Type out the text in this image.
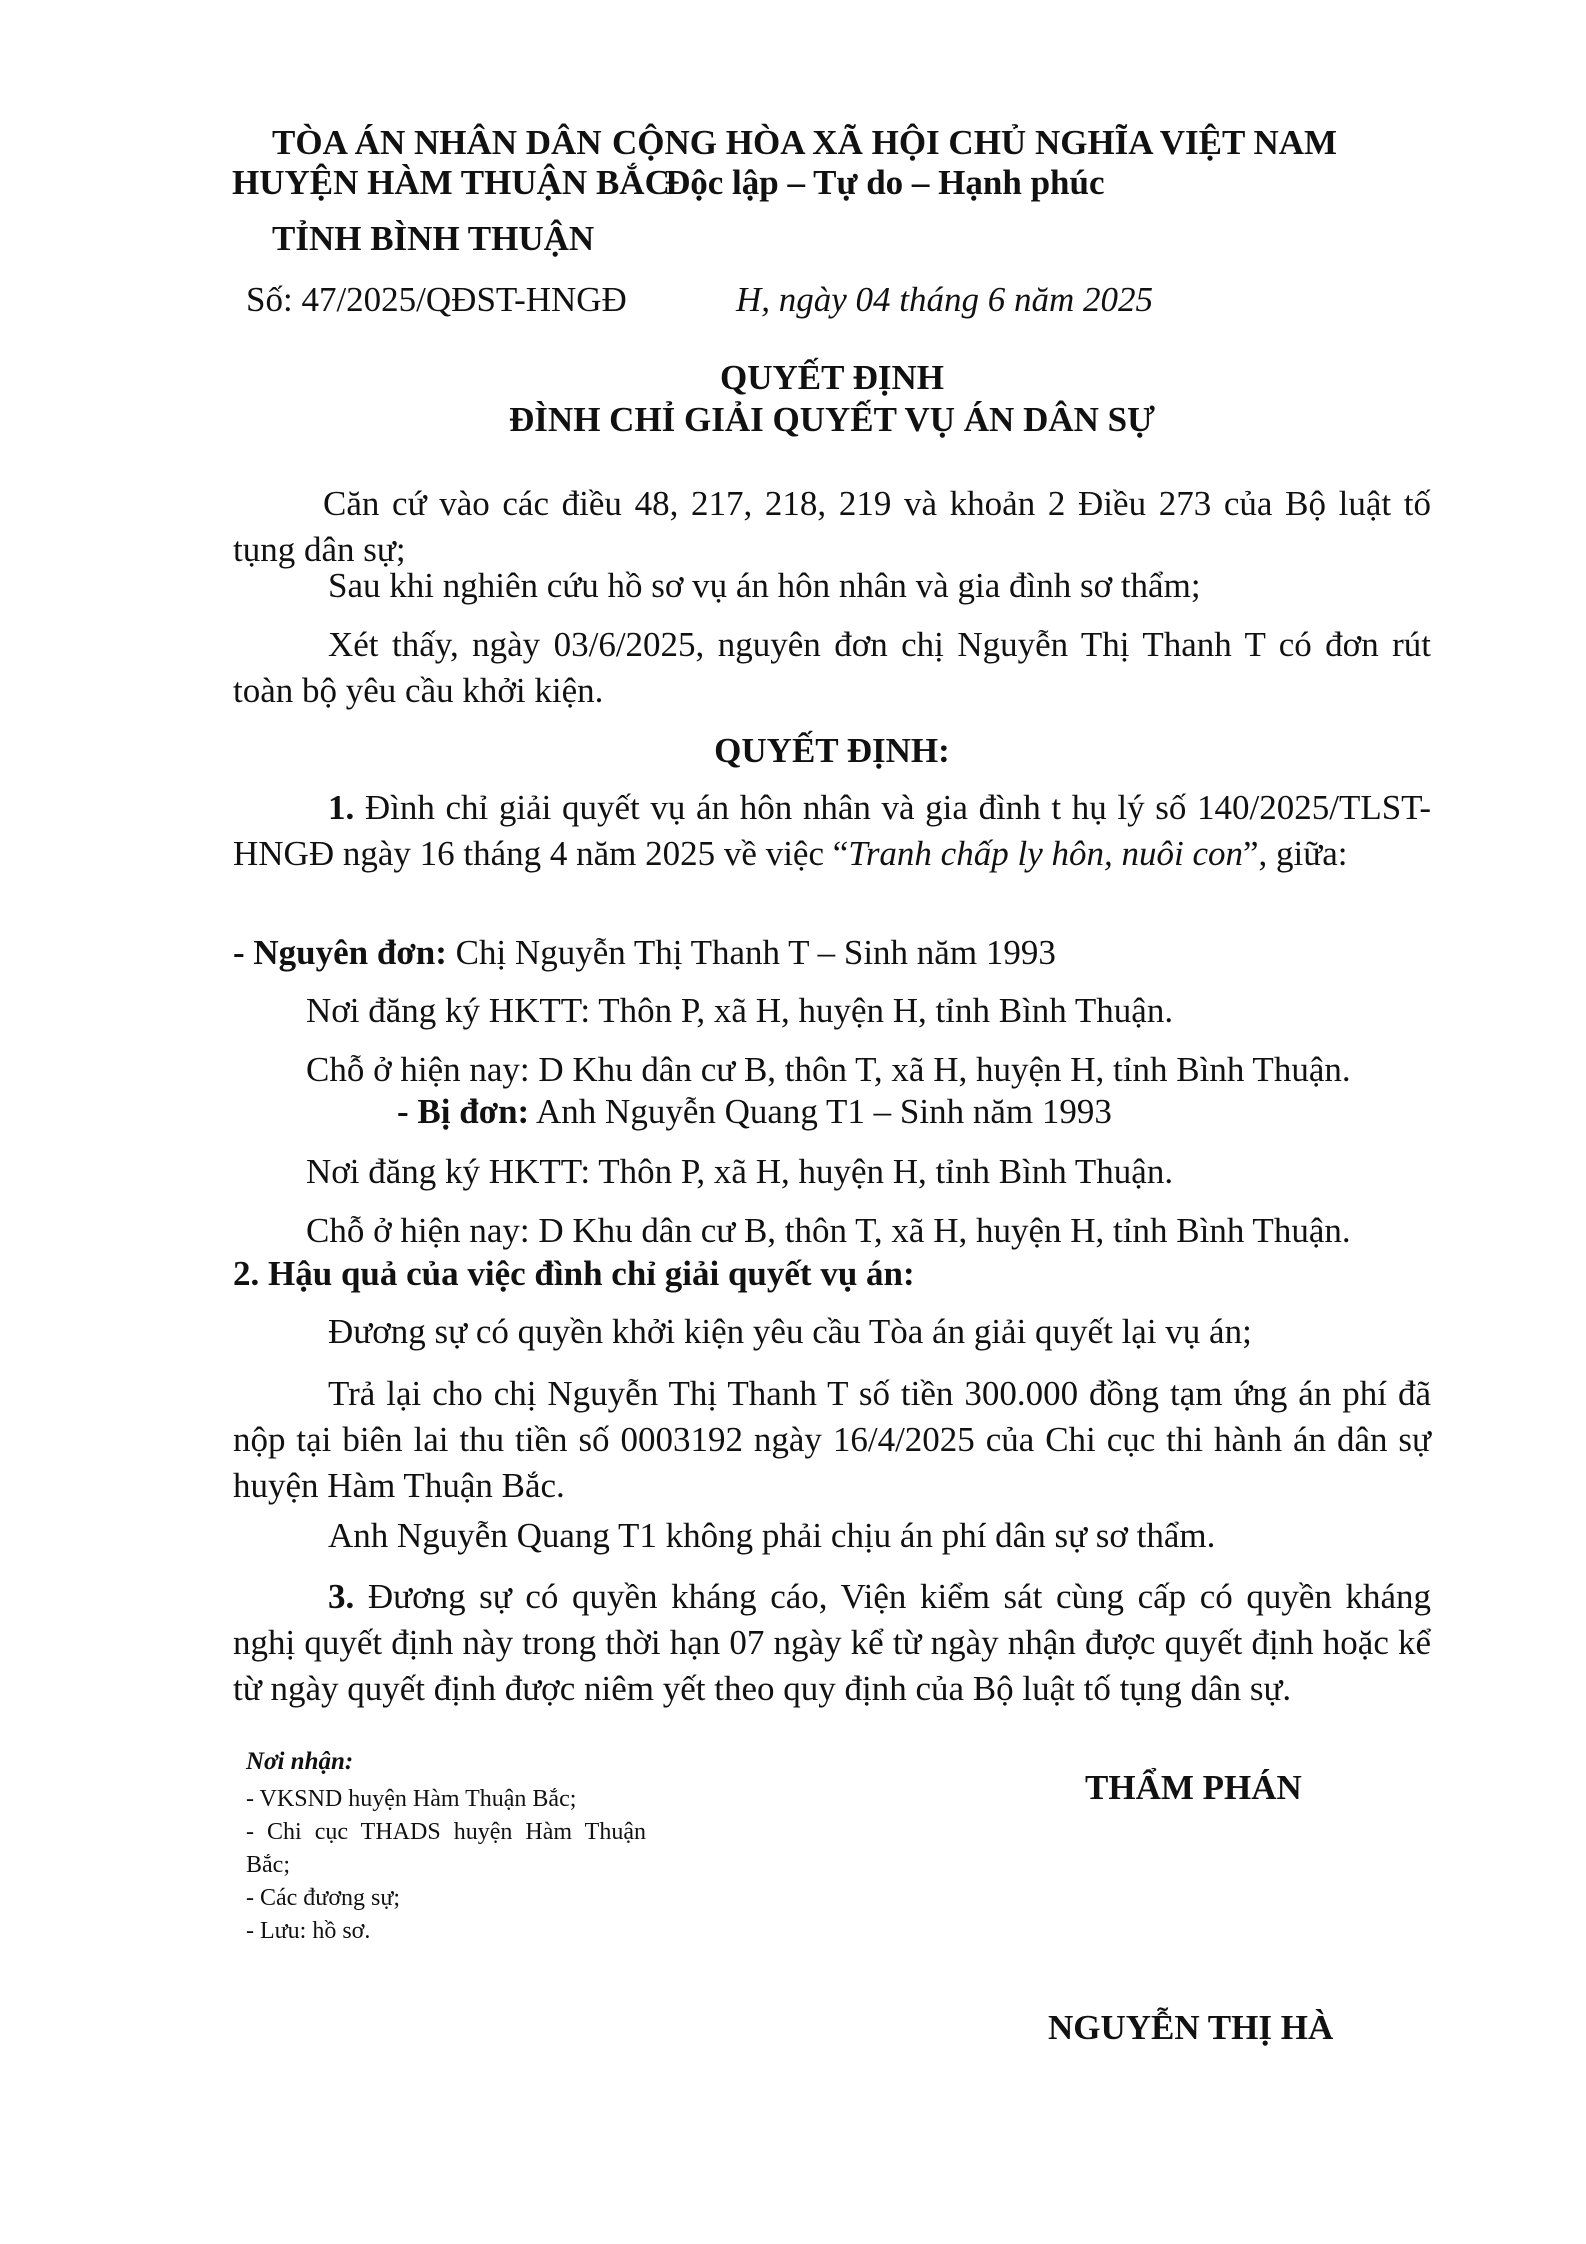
TÒA ÁN NHÂN DÂN
HUYỆN HÀM THUẬN BẮC
TỈNH BÌNH THUẬN
CỘNG HÒA XÃ HỘI CHỦ NGHĨA VIỆT NAM
Độc lập – Tự do – Hạnh phúc
Số: 47/2025/QĐST-HNGĐ	H, ngày 04 tháng 6 năm 2025
QUYẾT ĐỊNH
ĐÌNH CHỈ GIẢI QUYẾT VỤ ÁN DÂN SỰ
Căn cứ vào các điều 48, 217, 218, 219 và khoản 2 Điều 273 của Bộ luật tố tụng dân sự;
Sau khi nghiên cứu hồ sơ vụ án hôn nhân và gia đình sơ thẩm;
Xét thấy, ngày 03/6/2025, nguyên đơn chị Nguyễn Thị Thanh T có đơn rút toàn bộ yêu cầu khởi kiện.
QUYẾT ĐỊNH:
1. Đình chỉ giải quyết vụ án hôn nhân và gia đình t hụ lý số 140/2025/TLST-HNGĐ ngày 16 tháng 4 năm 2025 về việc “Tranh chấp ly hôn, nuôi con”, giữa:
- Nguyên đơn: Chị Nguyễn Thị Thanh T – Sinh năm 1993
Nơi đăng ký HKTT: Thôn P, xã H, huyện H, tỉnh Bình Thuận.
Chỗ ở hiện nay: D Khu dân cư B, thôn T, xã H, huyện H, tỉnh Bình Thuận.
- Bị đơn: Anh Nguyễn Quang T1 – Sinh năm 1993
Nơi đăng ký HKTT: Thôn P, xã H, huyện H, tỉnh Bình Thuận.
Chỗ ở hiện nay: D Khu dân cư B, thôn T, xã H, huyện H, tỉnh Bình Thuận.
2. Hậu quả của việc đình chỉ giải quyết vụ án:
Đương sự có quyền khởi kiện yêu cầu Tòa án giải quyết lại vụ án;
Trả lại cho chị Nguyễn Thị Thanh T số tiền 300.000 đồng tạm ứng án phí đã nộp tại biên lai thu tiền số 0003192 ngày 16/4/2025 của Chi cục thi hành án dân sự huyện Hàm Thuận Bắc.
Anh Nguyễn Quang T1 không phải chịu án phí dân sự sơ thẩm.
3. Đương sự có quyền kháng cáo, Viện kiểm sát cùng cấp có quyền kháng nghị quyết định này trong thời hạn 07 ngày kể từ ngày nhận được quyết định hoặc kể từ ngày quyết định được niêm yết theo quy định của Bộ luật tố tụng dân sự.
Nơi nhận:
- VKSND huyện Hàm Thuận Bắc;
- Chi cục THADS huyện Hàm Thuận Bắc;
- Các đương sự;
- Lưu: hồ sơ.
THẨM PHÁN
NGUYỄN THỊ HÀ
